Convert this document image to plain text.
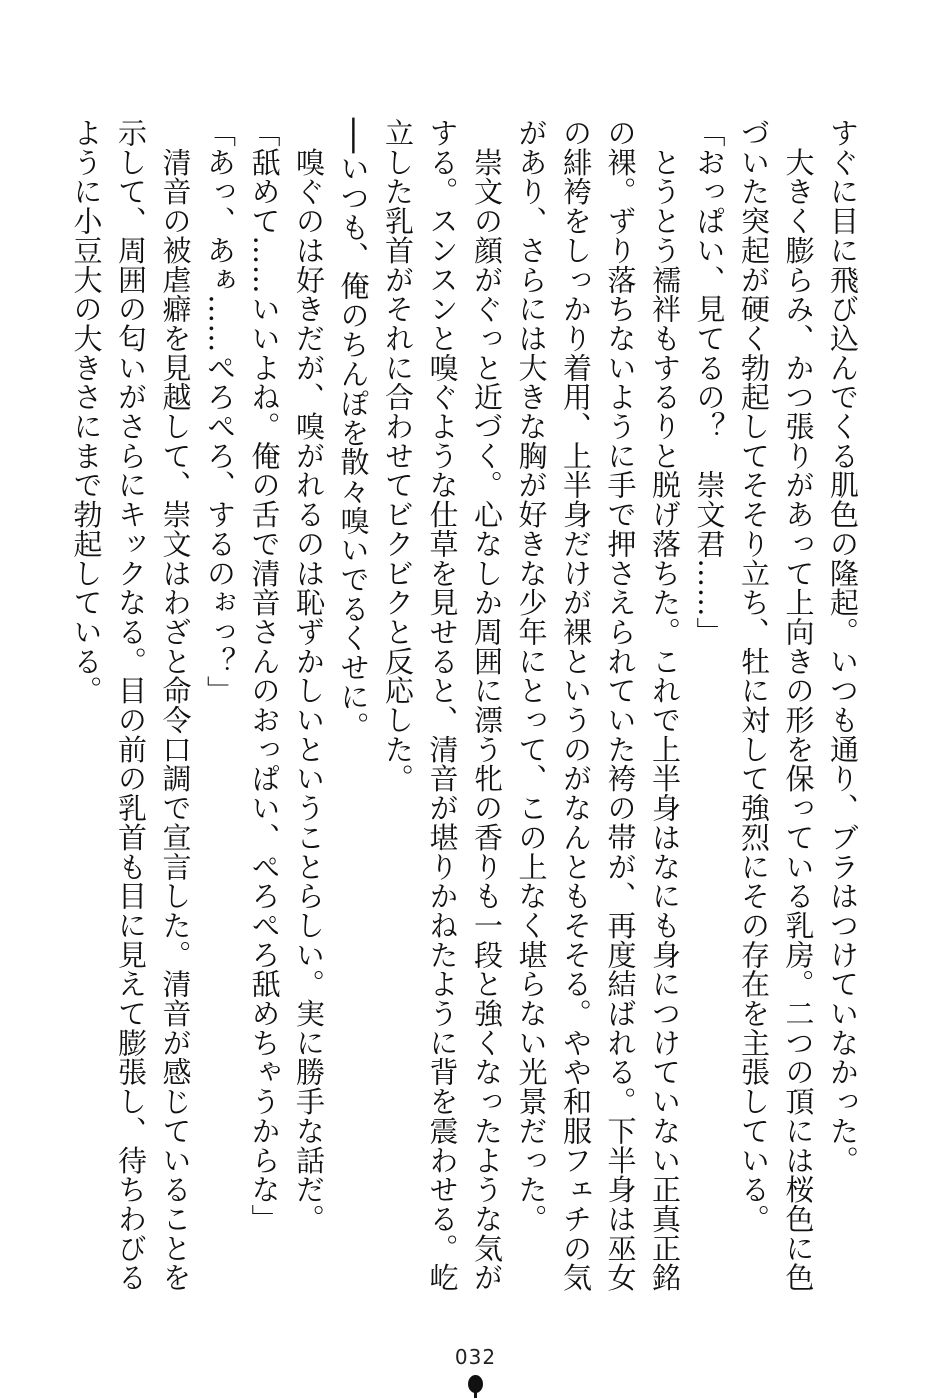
すぐに目に飛び込んでくる肌色の隆起。いつも通り、ブラはつけていなかった。
　大きく膨らみ、かつ張りがあって上向きの形を保っている乳房。二つの頂には桜色に色
づいた突起が硬く勃起してそそり立ち、牡に対して強烈にその存在を主張している。
「おっぱい、見てるの？　崇文君……」
　とうとう襦袢もするりと脱げ落ちた。これで上半身はなにも身につけていない正真正銘
の裸。ずり落ちないように手で押さえられていた袴の帯が、再度結ばれる。下半身は巫女
の緋袴をしっかり着用、上半身だけが裸というのがなんともそそる。やや和服フェチの気
があり、さらには大きな胸が好きな少年にとって、この上なく堪らない光景だった。
　崇文の顔がぐっと近づく。心なしか周囲に漂う牝の香りも一段と強くなったような気が
する。スンスンと嗅ぐような仕草を見せると、清音が堪りかねたように背を震わせる。屹
立した乳首がそれに合わせてビクビクと反応した。
──いつも、俺のちんぽを散々嗅いでるくせに。
　嗅ぐのは好きだが、嗅がれるのは恥ずかしいということらしい。実に勝手な話だ。
「舐めて……いいよね。俺の舌で清音さんのおっぱい、ぺろぺろ舐めちゃうからな」
「あっ、あぁ……ぺろぺろ、するのぉっ？」
　清音の被虐癖を見越して、崇文はわざと命令口調で宣言した。清音が感じていることを
示して、周囲の匂いがさらにキックなる。目の前の乳首も目に見えて膨張し、待ちわびる
ように小豆大の大きさにまで勃起している。
032
